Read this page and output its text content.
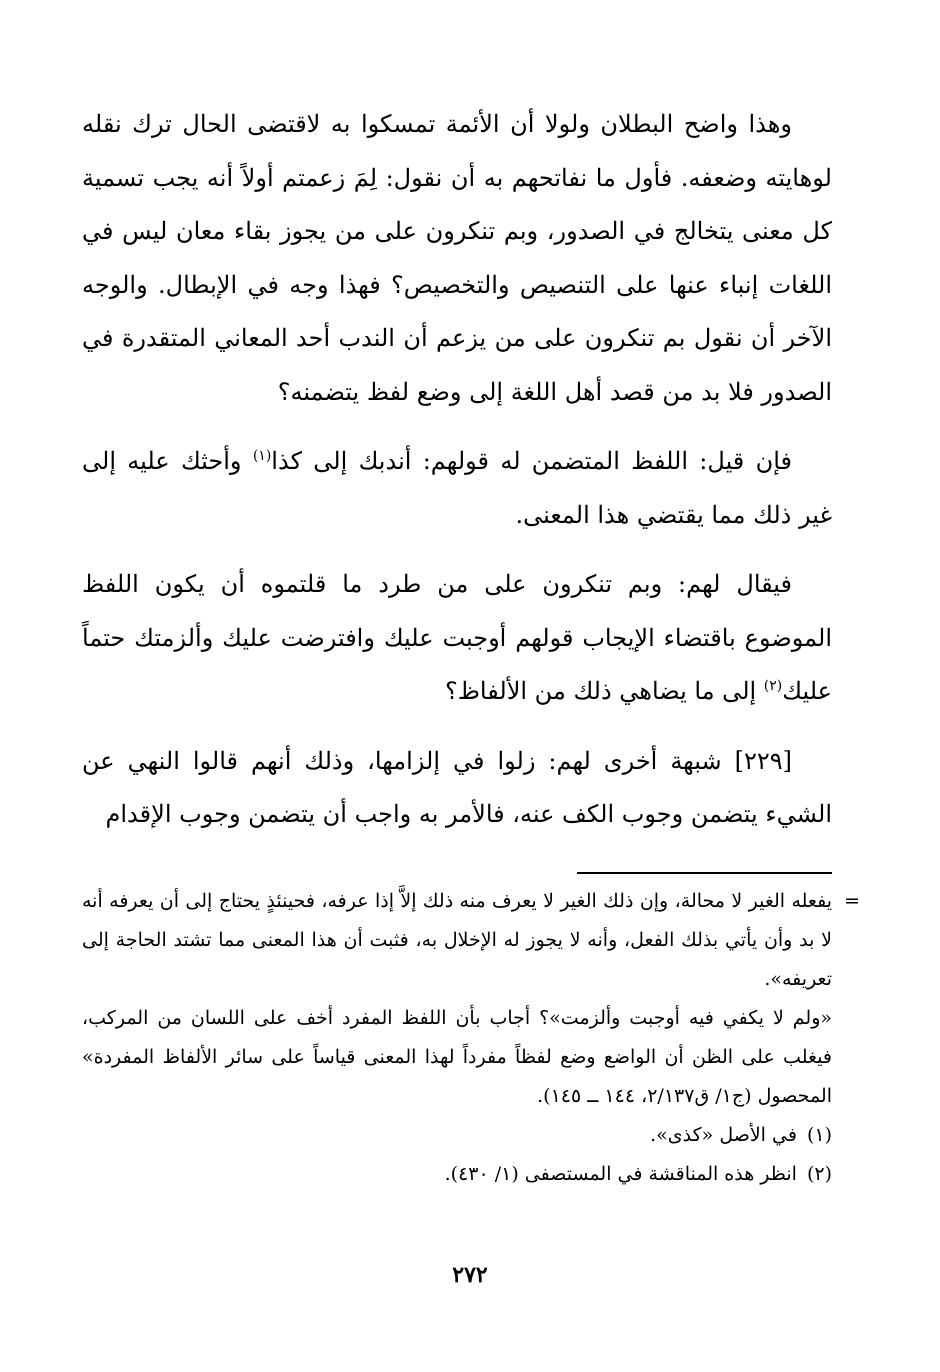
وهذا واضح البطلان ولولا أن الأئمة تمسكوا به لاقتضى الحال ترك نقله لوهايته وضعفه. فأول ما نفاتحهم به أن نقول: لِمَ زعمتم أولاً أنه يجب تسمية كل معنى يتخالج في الصدور، وبم تنكرون على من يجوز بقاء معان ليس في اللغات إنباء عنها على التنصيص والتخصيص؟ فهذا وجه في الإبطال. والوجه الآخر أن نقول بم تنكرون على من يزعم أن الندب أحد المعاني المتقدرة في الصدور فلا بد من قصد أهل اللغة إلى وضع لفظ يتضمنه؟

فإن قيل: اللفظ المتضمن له قولهم: أندبك إلى كذا$^{(١)}$ وأحثك عليه إلى غير ذلك مما يقتضي هذا المعنى.

فيقال لهم: وبم تنكرون على من طرد ما قلتموه أن يكون اللفظ الموضوع باقتضاء الإيجاب قولهم أوجبت عليك وافترضت عليك وألزمتك حتماً عليك$^{(٢)}$ إلى ما يضاهي ذلك من الألفاظ؟

[٢٢٩] شبهة أخرى لهم: زلوا في إلزامها، وذلك أنهم قالوا النهي عن الشيء يتضمن وجوب الكف عنه، فالأمر به واجب أن يتضمن وجوب الإقدام

=

يفعله الغير لا محالة، وإن ذلك الغير لا يعرف منه ذلك إلاَّ إذا عرفه، فحينئذٍ يحتاج إلى أن يعرفه أنه لا بد وأن يأتي بذلك الفعل، وأنه لا يجوز له الإخلال به، فثبت أن هذا المعنى مما تشتد الحاجة إلى تعريفه».

«ولم لا يكفي فيه أوجبت وألزمت»؟ أجاب بأن اللفظ المفرد أخف على اللسان من المركب، فيغلب على الظن أن الواضع وضع لفظاً مفرداً لهذا المعنى قياساً على سائر الألفاظ المفردة» المحصول (ج١/ ق٢/١٣٧، ١٤٤ ــ ١٤٥).

(١)في الأصل «كذى».

(٢)انظر هذه المناقشة في المستصفى (١/ ٤٣٠).

٢٧٢
